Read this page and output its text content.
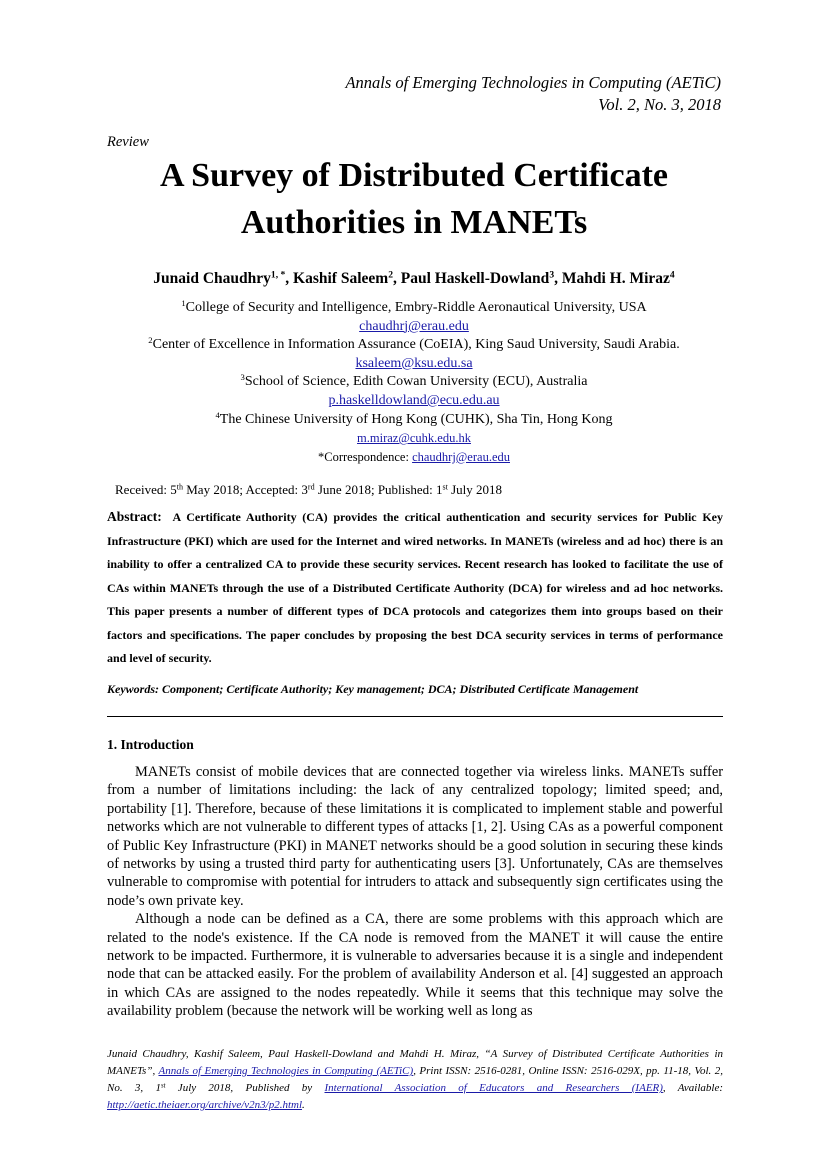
Annals of Emerging Technologies in Computing (AETiC)
Vol. 2, No. 3, 2018
Review
A Survey of Distributed Certificate
Authorities in MANETs
Junaid Chaudhry$^{1, *}$, Kashif Saleem$^2$, Paul Haskell-Dowland$^3$, Mahdi H. Miraz$^4$
$^1$College of Security and Intelligence, Embry-Riddle Aeronautical University, USA
chaudhrj@erau.edu
$^2$Center of Excellence in Information Assurance (CoEIA), King Saud University, Saudi Arabia.
ksaleem@ksu.edu.sa
$^3$School of Science, Edith Cowan University (ECU), Australia
p.haskelldowland@ecu.edu.au
$^4$The Chinese University of Hong Kong (CUHK), Sha Tin, Hong Kong
m.miraz@cuhk.edu.hk
*Correspondence: chaudhrj@erau.edu
Received: 5th May 2018; Accepted: 3rd June 2018; Published: 1st July 2018
Abstract: A Certificate Authority (CA) provides the critical authentication and security services for Public Key Infrastructure (PKI) which are used for the Internet and wired networks. In MANETs (wireless and ad hoc) there is an inability to offer a centralized CA to provide these security services. Recent research has looked to facilitate the use of CAs within MANETs through the use of a Distributed Certificate Authority (DCA) for wireless and ad hoc networks. This paper presents a number of different types of DCA protocols and categorizes them into groups based on their factors and specifications. The paper concludes by proposing the best DCA security services in terms of performance and level of security.
Keywords: Component; Certificate Authority; Key management; DCA; Distributed Certificate Management
1. Introduction

MANETs consist of mobile devices that are connected together via wireless links. MANETs suffer from a number of limitations including: the lack of any centralized topology; limited speed; and, portability [1]. Therefore, because of these limitations it is complicated to implement stable and powerful networks which are not vulnerable to different types of attacks [1, 2]. Using CAs as a powerful component of Public Key Infrastructure (PKI) in MANET networks should be a good solution in securing these kinds of networks by using a trusted third party for authenticating users [3]. Unfortunately, CAs are themselves vulnerable to compromise with potential for intruders to attack and subsequently sign certificates using the node’s own private key.

Although a node can be defined as a CA, there are some problems with this approach which are related to the node's existence. If the CA node is removed from the MANET it will cause the entire network to be impacted. Furthermore, it is vulnerable to adversaries because it is a single and independent node that can be attacked easily. For the problem of availability Anderson et al. [4] suggested an approach in which CAs are assigned to the nodes repeatedly. While it seems that this technique may solve the availability problem (because the network will be working well as long as

Junaid Chaudhry, Kashif Saleem, Paul Haskell-Dowland and Mahdi H. Miraz, “A Survey of Distributed Certificate Authorities in MANETs”, Annals of Emerging Technologies in Computing (AETiC), Print ISSN: 2516-0281, Online ISSN: 2516-029X, pp. 11-18, Vol. 2, No. 3, 1st July 2018, Published by International Association of Educators and Researchers (IAER), Available: http://aetic.theiaer.org/archive/v2n3/p2.html.
